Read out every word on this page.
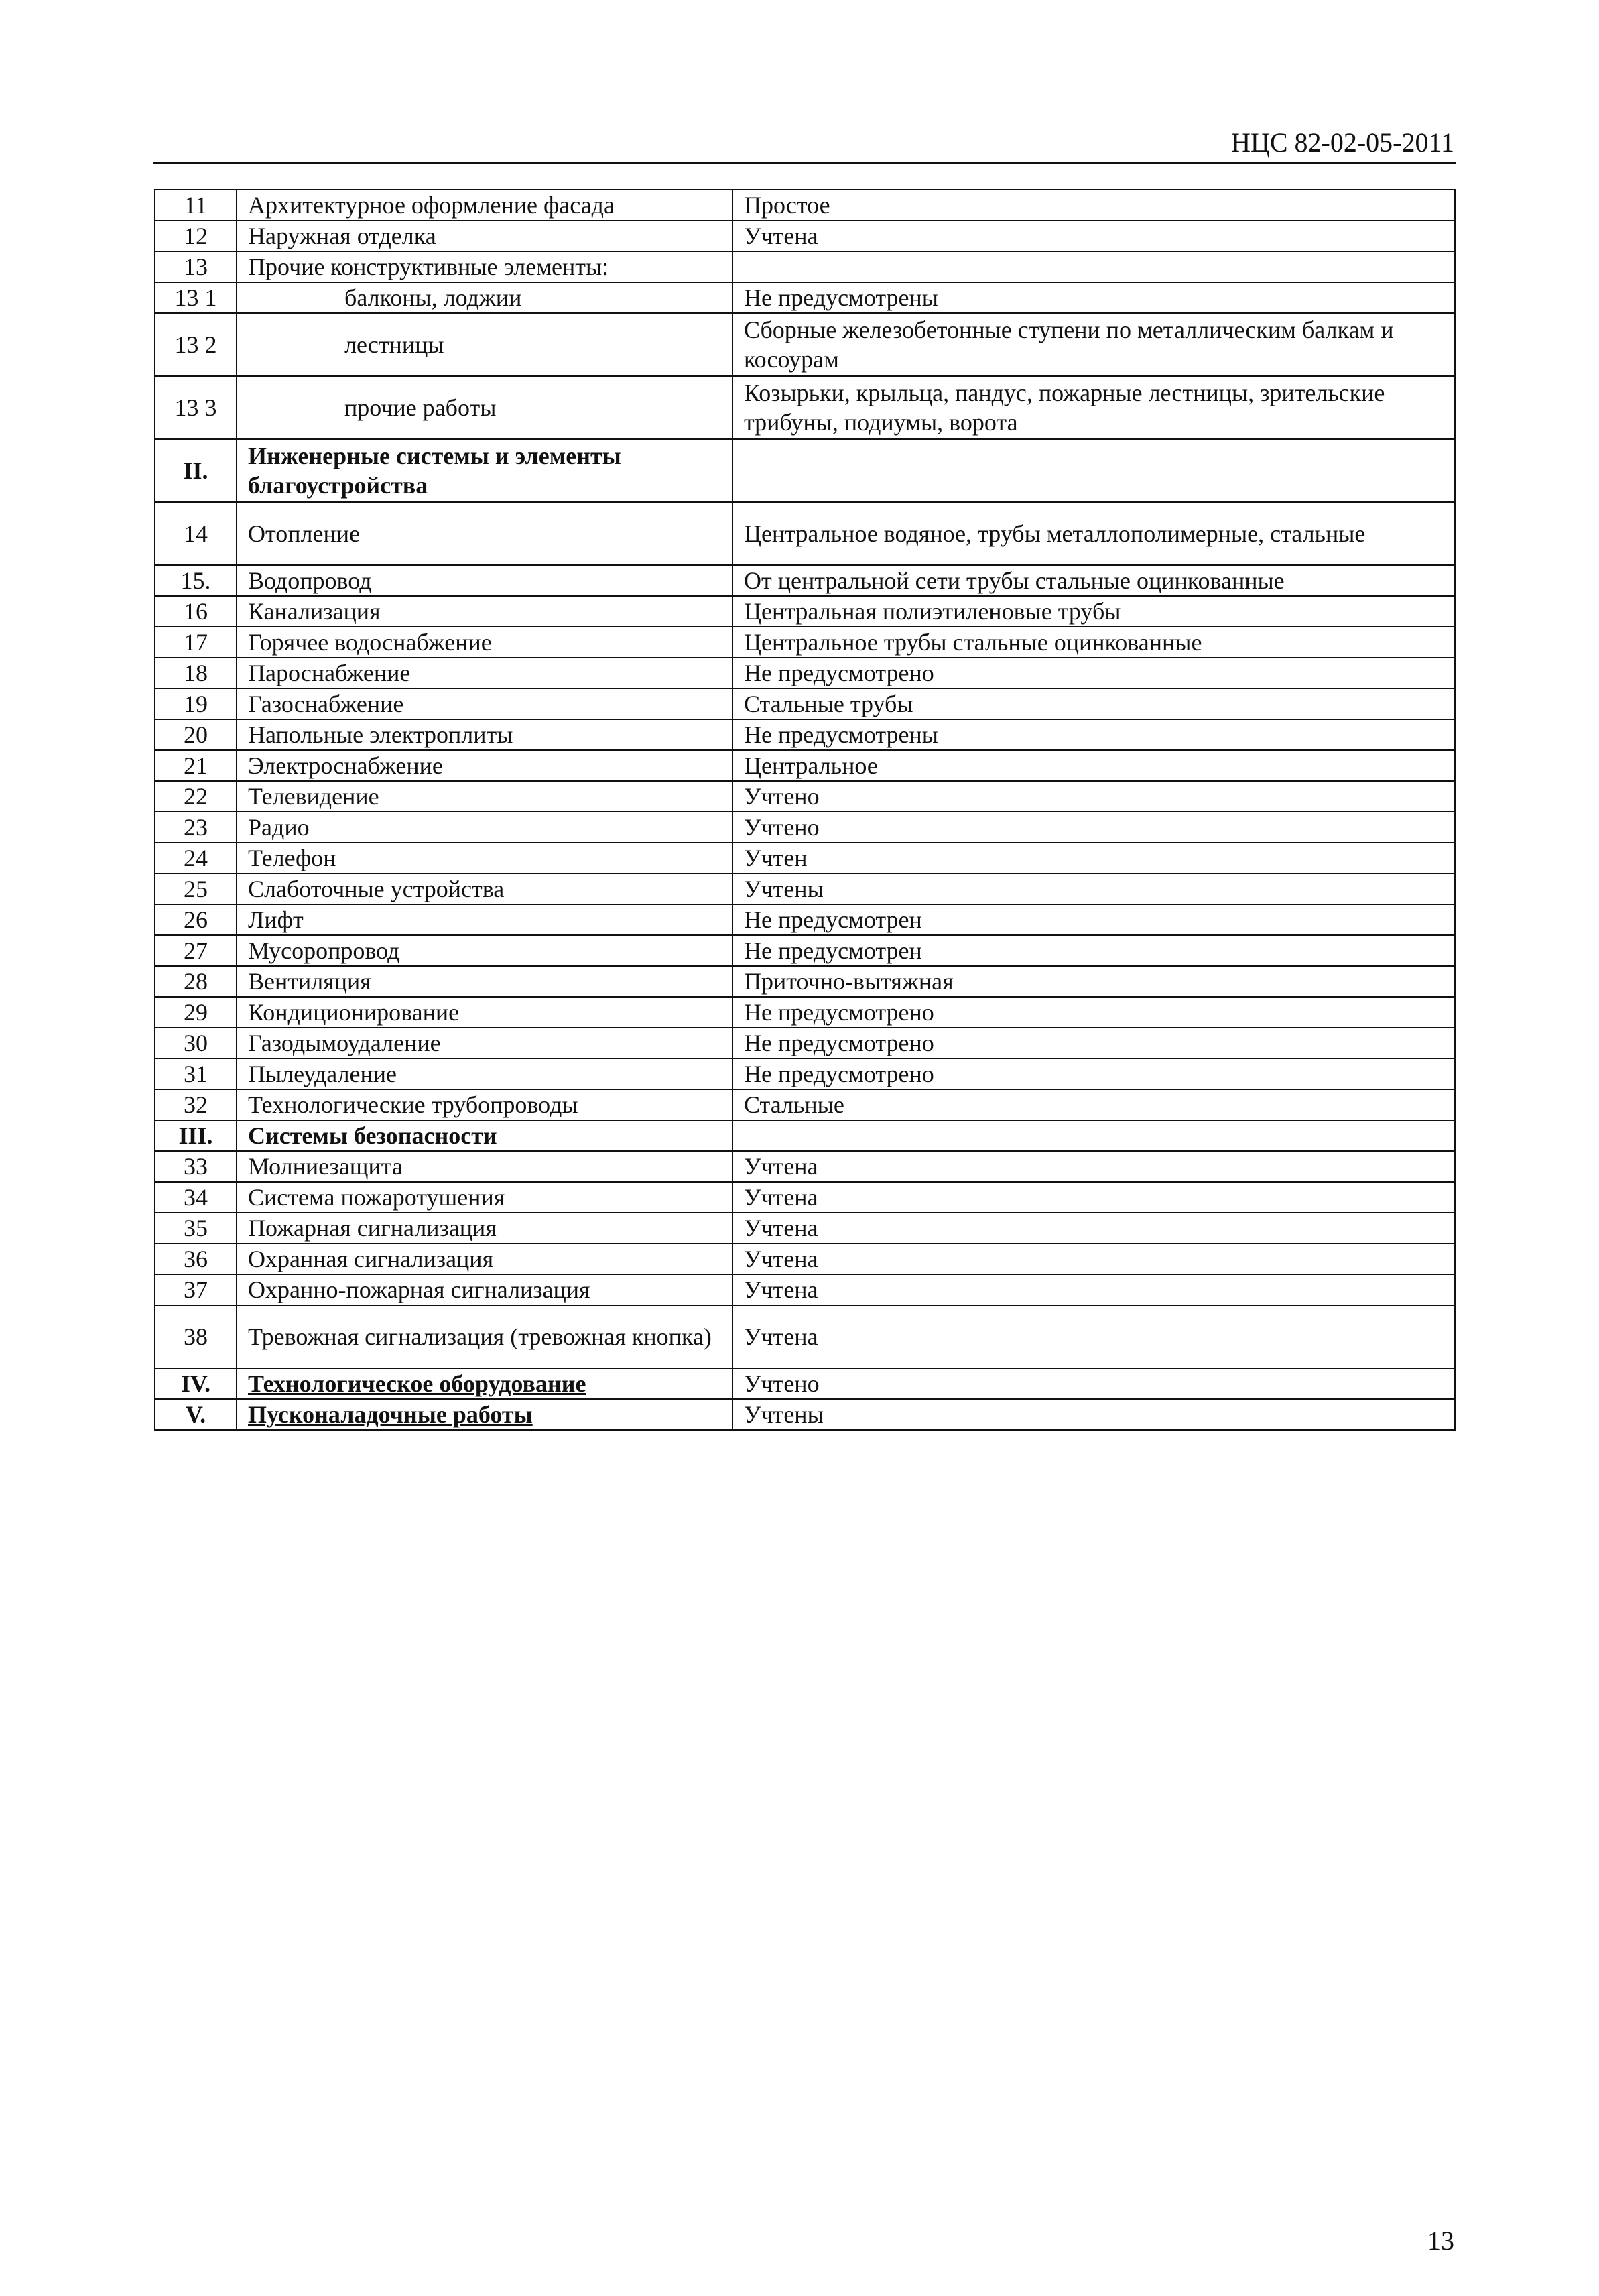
НЦС 82-02-05-2011
11	Архитектурное оформление фасада	Простое
12	Наружная отделка	Учтена
13	Прочие конструктивные элементы:	
13 1	балконы, лоджии	Не предусмотрены
13 2	лестницы	Сборные железобетонные ступени по металлическим балкам и косоурам
13 3	прочие работы	Козырьки, крыльца, пандус, пожарные лестницы, зрительские трибуны, подиумы, ворота
II.	Инженерные системы и элементы благоустройства	
14	Отопление	Центральное водяное, трубы металлополимерные, стальные
15.	Водопровод	От центральной сети трубы стальные оцинкованные
16	Канализация	Центральная полиэтиленовые трубы
17	Горячее водоснабжение	Центральное трубы стальные оцинкованные
18	Пароснабжение	Не предусмотрено
19	Газоснабжение	Стальные трубы
20	Напольные электроплиты	Не предусмотрены
21	Электроснабжение	Центральное
22	Телевидение	Учтено
23	Радио	Учтено
24	Телефон	Учтен
25	Слаботочные устройства	Учтены
26	Лифт	Не предусмотрен
27	Мусоропровод	Не предусмотрен
28	Вентиляция	Приточно-вытяжная
29	Кондиционирование	Не предусмотрено
30	Газодымоудаление	Не предусмотрено
31	Пылеудаление	Не предусмотрено
32	Технологические трубопроводы	Стальные
III.	Системы безопасности	
33	Молниезащита	Учтена
34	Система пожаротушения	Учтена
35	Пожарная сигнализация	Учтена
36	Охранная сигнализация	Учтена
37	Охранно-пожарная сигнализация	Учтена
38	Тревожная сигнализация (тревожная кнопка)	Учтена
IV.	Технологическое оборудование	Учтено
V.	Пусконаладочные работы	Учтены
13
